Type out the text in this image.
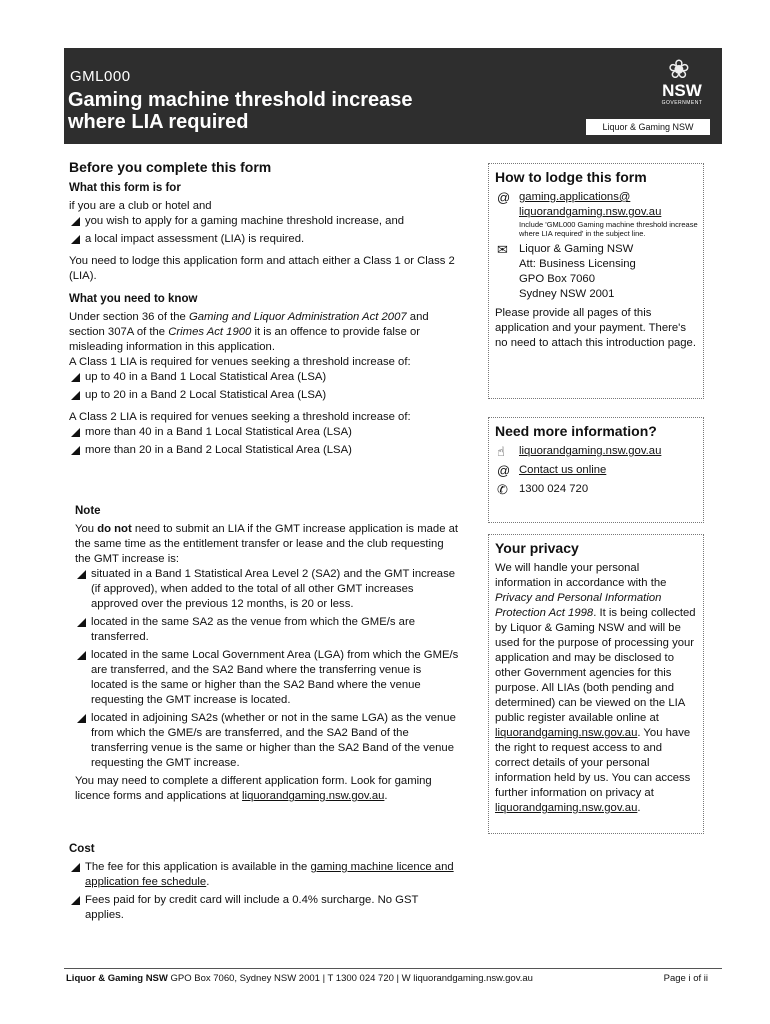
GML000
Gaming machine threshold increase
where LIA required
❀
NSW
GOVERNMENT
Liquor & Gaming NSW
Before you complete this form
What this form is for

if you are a club or hotel and

you wish to apply for a gaming machine threshold increase, and
a local impact assessment (LIA) is required.

You need to lodge this application form and attach either a Class 1 or Class 2 (LIA).

What you need to know

Under section 36 of the Gaming and Liquor Administration Act 2007 and section 307A of the Crimes Act 1900 it is an offence to provide false or misleading information in this application.

A Class 1 LIA is required for venues seeking a threshold increase of:

up to 40 in a Band 1 Local Statistical Area (LSA)
up to 20 in a Band 2 Local Statistical Area (LSA)

A Class 2 LIA is required for venues seeking a threshold increase of:

more than 40 in a Band 1 Local Statistical Area (LSA)
more than 20 in a Band 2 Local Statistical Area (LSA)
Note

You do not need to submit an LIA if the GMT increase application is made at the same time as the entitlement transfer or lease and the club requesting the GMT increase is:

situated in a Band 1 Statistical Area Level 2 (SA2) and the GMT increase (if approved), when added to the total of all other GMT increases approved over the previous 12 months, is 20 or less.
located in the same SA2 as the venue from which the GME/s are transferred.
located in the same Local Government Area (LGA) from which the GME/s are transferred, and the SA2 Band where the transferring venue is located is the same or higher than the SA2 Band where the venue requesting the GMT increase is located.
located in adjoining SA2s (whether or not in the same LGA) as the venue from which the GME/s are transferred, and the SA2 Band of the transferring venue is the same or higher than the SA2 Band of the venue requesting the GMT increase.

You may need to complete a different application form. Look for gaming licence forms and applications at liquorandgaming.nsw.gov.au.

Cost
The fee for this application is available in the gaming machine licence and application fee schedule.
Fees paid for by credit card will include a 0.4% surcharge. No GST applies.
How to lodge this form
@ gaming.applications@
liquorandgaming.nsw.gov.au
Include 'GML000 Gaming machine threshold increase where LIA required' in the subject line.
✉ Liquor & Gaming NSW
Att: Business Licensing
GPO Box 7060
Sydney NSW 2001

Please provide all pages of this application and your payment. There's no need to attach this introduction page.

Need more information?
☝ liquorandgaming.nsw.gov.au
@ Contact us online
✆ 1300 024 720
Your privacy

We will handle your personal information in accordance with the Privacy and Personal Information Protection Act 1998. It is being collected by Liquor & Gaming NSW and will be used for the purpose of processing your application and may be disclosed to other Government agencies for this purpose. All LIAs (both pending and determined) can be viewed on the LIA public register available online at liquorandgaming.nsw.gov.au. You have the right to request access to and correct details of your personal information held by us. You can access further information on privacy at liquorandgaming.nsw.gov.au.

Liquor & Gaming NSW GPO Box 7060, Sydney NSW 2001 | T 1300 024 720 | W liquorandgaming.nsw.gov.au	Page i of ii
